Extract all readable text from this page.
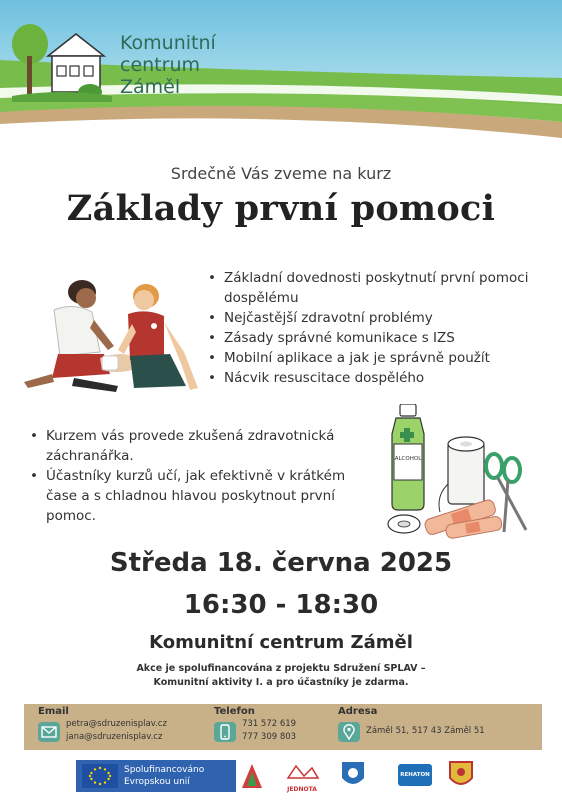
Komunitní
centrum
Záměl
Srdečně Vás zveme na kurz
Základy první pomoci
• Základní dovednosti poskytnutí první pomoci dospělému
• Nejčastější zdravotní problémy
• Zásady správné komunikace s IZS
• Mobilní aplikace a jak je správně použít
• Nácvik resuscitace dospělého
• Kurzem vás provede zkušená zdravotnická záchranářka.
• Účastníky kurzů učí, jak efektivně v krátkém čase a s chladnou hlavou poskytnout první pomoc.
ALCOHOL
Středa 18. června 2025
16:30 - 18:30
Komunitní centrum Záměl
Akce je spolufinancována z projektu Sdružení SPLAV –
Komunitní aktivity I. a pro účastníky je zdarma.
Email
petra@sdruzenisplav.cz
jana@sdruzenisplav.cz
Telefon
731 572 619
777 309 803
Adresa
Záměl 51, 517 43 Záměl 51
Spolufinancováno
Evropskou unií
JEDNOTA
REHATON
